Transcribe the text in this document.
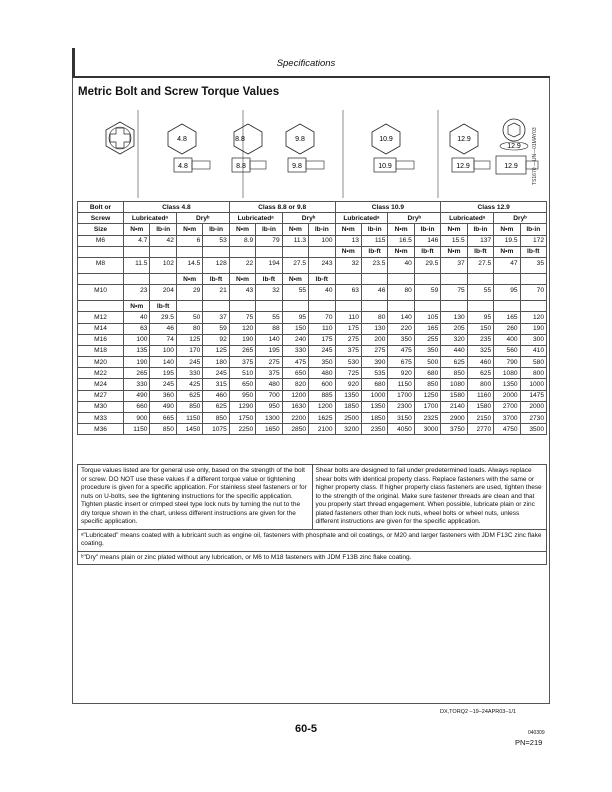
Specifications
Metric Bolt and Screw Torque Values
4.8	8.8	9.8	10.9	12.9
12.9
4.8	8.8	9.8	10.9	12.9	12.9	TS1670 —UN—01MAY03
Bolt or	Class 4.8				Class 8.8 or 9.8				Class 10.9				Class 12.9			
Screw	Lubricatedᵃ		Dryᵇ		Lubricatedᵃ		Dryᵇ		Lubricatedᵃ		Dryᵇ		Lubricatedᵃ		Dryᵇ	
Size	N•m	lb-in	N•m	lb-in	N•m	lb-in	N•m	lb-in	N•m	lb-in	N•m	lb-in	N•m	lb-in	N•m	lb-in
M6	4.7	42	6	53	8.9	79	11.3	100	13	115	16.5	146	15.5	137	19.5	172
									N•m	lb-ft	N•m	lb-ft	N•m	lb-ft	N•m	lb-ft
M8	11.5	102	14.5	128	22	194	27.5	243	32	23.5	40	29.5	37	27.5	47	35
			N•m	lb-ft	N•m	lb-ft	N•m	lb-ft								
M10	23	204	29	21	43	32	55	40	63	46	80	59	75	55	95	70
	N•m	lb-ft														
M12	40	29.5	50	37	75	55	95	70	110	80	140	105	130	95	165	120
M14	63	46	80	59	120	88	150	110	175	130	220	165	205	150	260	190
M16	100	74	125	92	190	140	240	175	275	200	350	255	320	235	400	300
M18	135	100	170	125	265	195	330	245	375	275	475	350	440	325	560	410
M20	190	140	245	180	375	275	475	350	530	390	675	500	625	460	790	580
M22	265	195	330	245	510	375	650	480	725	535	920	680	850	625	1080	800
M24	330	245	425	315	650	480	820	600	920	680	1150	850	1080	800	1350	1000
M27	490	360	625	460	950	700	1200	885	1350	1000	1700	1250	1580	1160	2000	1475
M30	660	490	850	625	1290	950	1630	1200	1850	1350	2300	1700	2140	1580	2700	2000
M33	900	665	1150	850	1750	1300	2200	1625	2500	1850	3150	2325	2900	2150	3700	2730
M36	1150	850	1450	1075	2250	1650	2850	2100	3200	2350	4050	3000	3750	2770	4750	3500
Torque values listed are for general use only, based on the strength of the bolt or screw. DO NOT use these values if a different torque value or tightening procedure is given for a specific application. For stainless steel fasteners or for nuts on U-bolts, see the tightening instructions for the specific application. Tighten plastic insert or crimped steel type lock nuts by turning the nut to the dry torque shown in the chart, unless different instructions are given for the specific application.	Shear bolts are designed to fail under predetermined loads. Always replace shear bolts with identical property class. Replace fasteners with the same or higher property class. If higher property class fasteners are used, tighten these to the strength of the original. Make sure fastener threads are clean and that you properly start thread engagement. When possible, lubricate plain or zinc plated fasteners other than lock nuts, wheel bolts or wheel nuts, unless different instructions are given for the specific application.
ᵃ"Lubricated" means coated with a lubricant such as engine oil, fasteners with phosphate and oil coatings, or M20 and larger fasteners with JDM F13C zinc flake coating.
ᵇ"Dry" means plain or zinc plated without any lubrication, or M6 to M18 fasteners with JDM F13B zinc flake coating.
DX,TORQ2 –19–24APR03–1/1
60-5	040309
PN=219
